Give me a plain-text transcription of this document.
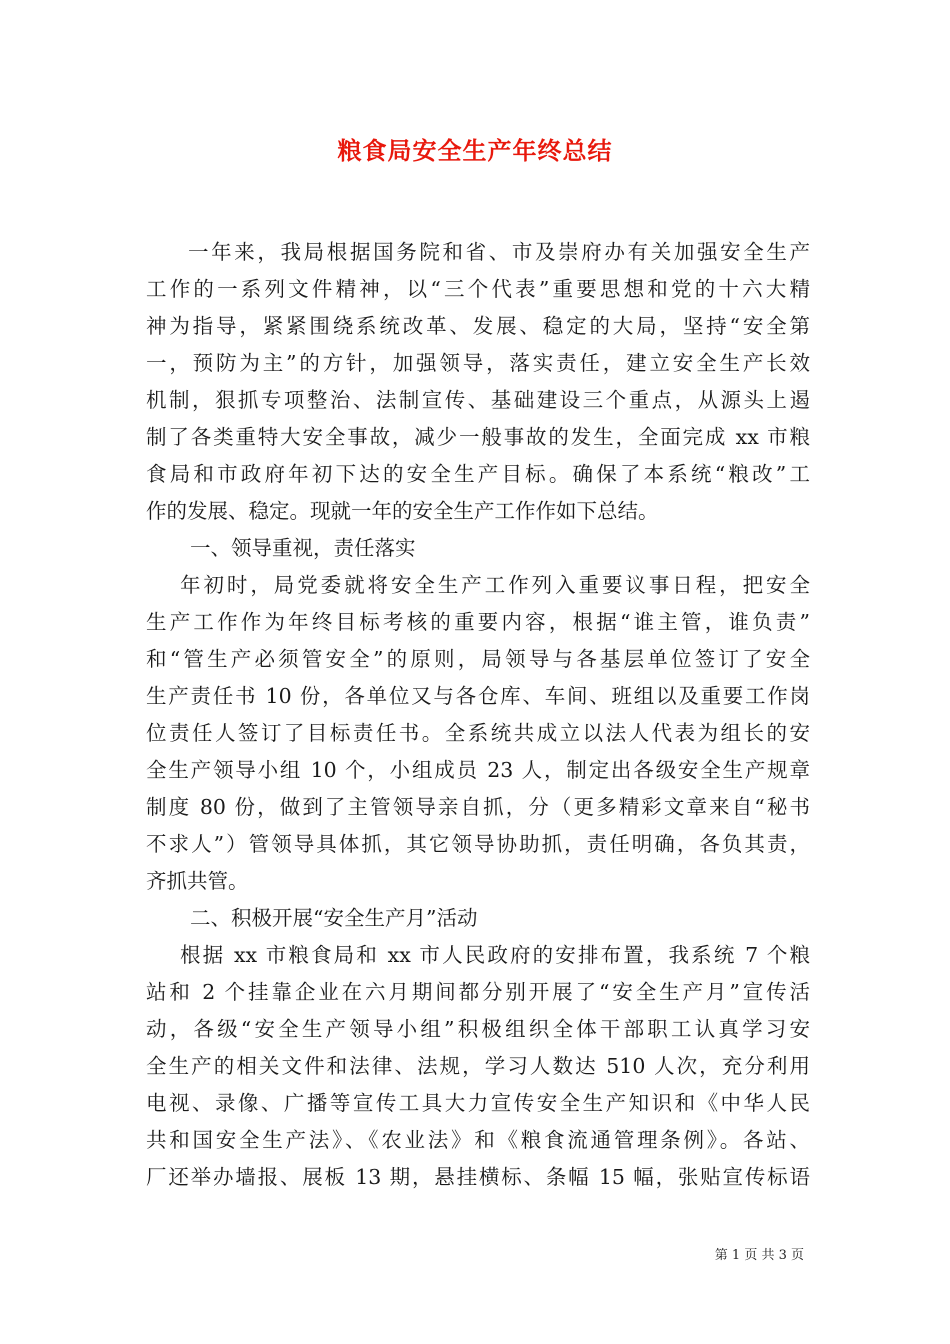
粮食局安全生产年终总结
一年来，我局根据国务院和省、市及崇府办有关加强安全生产
工作的一系列文件精神，以“三个代表”重要思想和党的十六大精
神为指导，紧紧围绕系统改革、发展、稳定的大局，坚持“安全第
一，预防为主”的方针，加强领导，落实责任，建立安全生产长效
机制，狠抓专项整治、法制宣传、基础建设三个重点，从源头上遏
制了各类重特大安全事故，减少一般事故的发生，全面完成 xx 市粮
食局和市政府年初下达的安全生产目标。确保了本系统“粮改”工
作的发展、稳定。现就一年的安全生产工作作如下总结。
一、领导重视，责任落实
年初时，局党委就将安全生产工作列入重要议事日程，把安全
生产工作作为年终目标考核的重要内容，根据“谁主管，谁负责”
和“管生产必须管安全”的原则，局领导与各基层单位签订了安全
生产责任书 10 份，各单位又与各仓库、车间、班组以及重要工作岗
位责任人签订了目标责任书。全系统共成立以法人代表为组长的安
全生产领导小组 10 个，小组成员 23 人，制定出各级安全生产规章
制度 80 份，做到了主管领导亲自抓，分（更多精彩文章来自“秘书
不求人”）管领导具体抓，其它领导协助抓，责任明确，各负其责，
齐抓共管。
二、积极开展“安全生产月”活动
根据 xx 市粮食局和 xx 市人民政府的安排布置，我系统 7 个粮
站和 2 个挂靠企业在六月期间都分别开展了“安全生产月”宣传活
动，各级“安全生产领导小组”积极组织全体干部职工认真学习安
全生产的相关文件和法律、法规，学习人数达 510 人次，充分利用
电视、录像、广播等宣传工具大力宣传安全生产知识和《中华人民
共和国安全生产法》、《农业法》和《粮食流通管理条例》。各站、
厂还举办墙报、展板 13 期，悬挂横标、条幅 15 幅，张贴宣传标语
第 1 页 共 3 页
